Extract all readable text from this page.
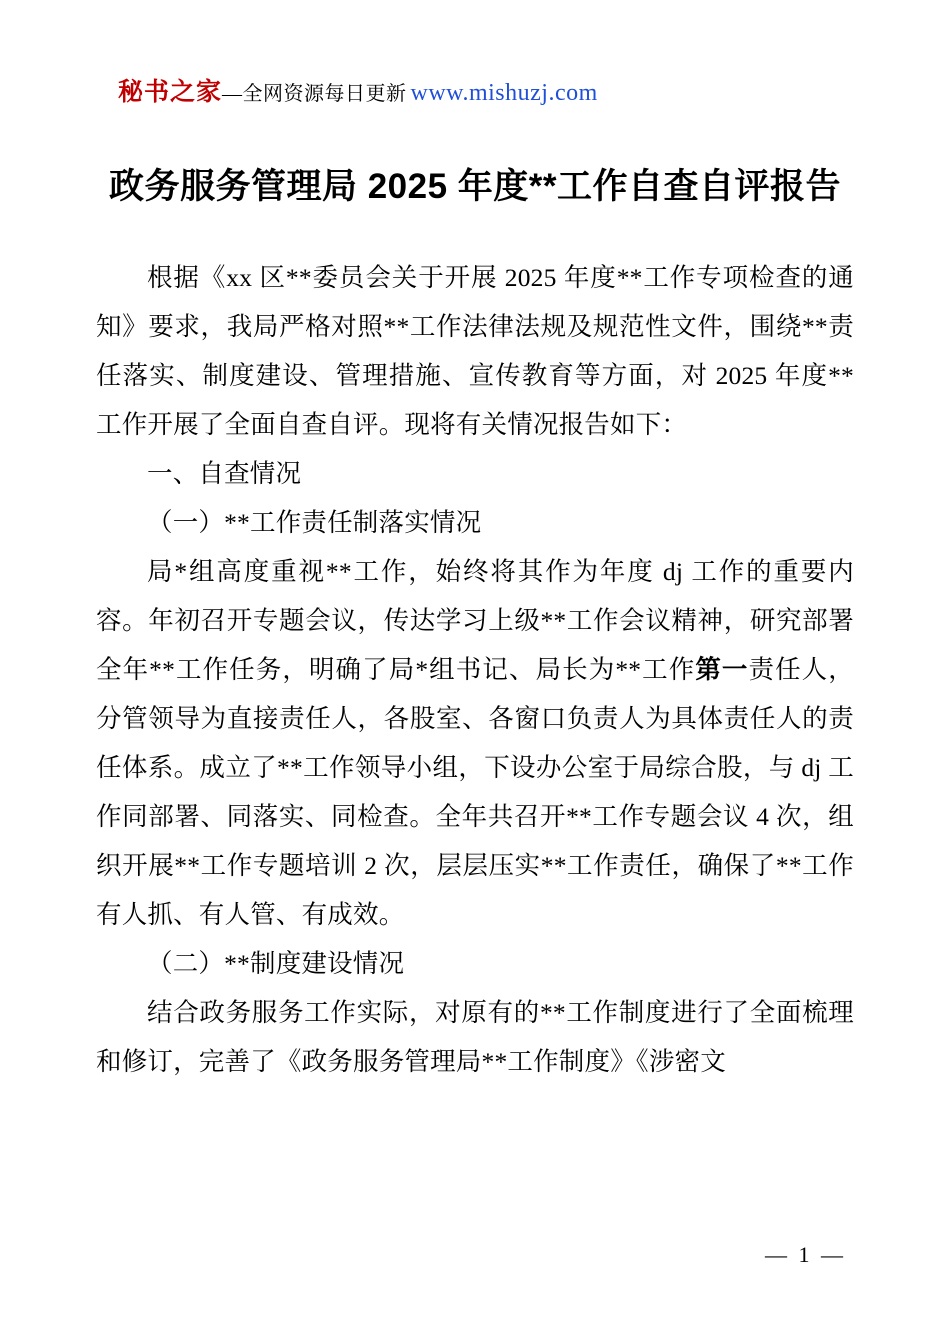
秘书之家—全网资源每日更新 www.mishuzj.com
政务服务管理局 2025 年度**工作自查自评报告

根据《xx 区**委员会关于开展 2025 年度**工作专项检查的通知》要求，我局严格对照**工作法律法规及规范性文件，围绕**责任落实、制度建设、管理措施、宣传教育等方面，对 2025 年度**工作开展了全面自查自评。现将有关情况报告如下：

一、自查情况

（一）**工作责任制落实情况

局*组高度重视**工作，始终将其作为年度 dj 工作的重要内容。年初召开专题会议，传达学习上级**工作会议精神，研究部署全年**工作任务，明确了局*组书记、局长为**工作第一责任人，分管领导为直接责任人，各股室、各窗口负责人为具体责任人的责任体系。成立了**工作领导小组，下设办公室于局综合股，与 dj 工作同部署、同落实、同检查。全年共召开**工作专题会议 4 次，组织开展**工作专题培训 2 次，层层压实**工作责任，确保了**工作有人抓、有人管、有成效。

（二）**制度建设情况

结合政务服务工作实际，对原有的**工作制度进行了全面梳理和修订，完善了《政务服务管理局**工作制度》《涉密文

— 1 —
